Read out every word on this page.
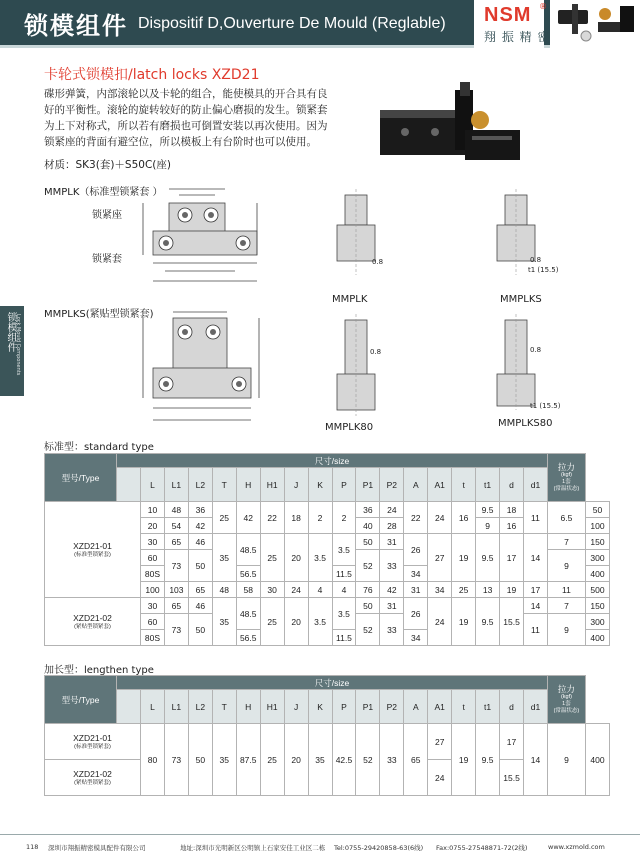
锁模组件 Dispositif D,Ouverture De Mould (Reglable) NSM ®
翔 振 精 密
锁模组件 Lock Mould Components
卡轮式锁模扣/latch locks XZD21
碟形弹簧，内部滚轮以及卡轮的组合，能使模具的开合具有良好的平衡性。滚轮的旋转较好的防止偏心磨损的发生。锁紧套为上下对称式，所以若有磨损也可倒置安装以再次使用。因为锁紧座的背面有避空位，所以模板上有台阶时也可以使用。
材质：SK3(套)＋S50C(座)
MMPLK（标准型锁紧套 ）
锁紧座
锁紧套
MMPLKS(紧贴型锁紧套)
0.8
MMPLK
0.8
t1 (15.5)
MMPLKS
0.8
MMPLK80
0.8
t1 (15.5)
MMPLKS80
标准型：standard type
型号/Type	尺寸/size																		拉力
(kgf)
1套
(常温状态)	

		L	L1	L2	T	H	H1	J	K	P	P1	P2	A	A1	t	t1	d	d1		
XZD21-01
(标准型锁紧套)		10	48	36	25	42	22	18	2	2	36	24	22	24	16	9.5	18	11	6.5	50
		20	54	42							40	28				9	16			100
		30	65	46	35	48.5	25	20	3.5	3.5	50	31	26	27	19	9.5	17	14	7	150
		60	73	50							52	33							9	300
		80S				56.5				11.5			34							400
		100	103	65	48	58	30	24	4	4	76	42	31	34	25	13	19	17	11	500
XZD21-02
(紧贴型锁紧套)		30	65	46	35	48.5	25	20	3.5	3.5	50	31	26	24	19	9.5	15.5	14	7	150
		60	73	50							52	33						11	9	300
		80S				56.5				11.5			34							400
加长型：lengthen type
型号/Type	尺寸/size																		拉力
(kgf)
1套
(常温状态)	

		L	L1	L2	T	H	H1	J	K	P	P1	P2	A	A1	t	t1	d	d1		
XZD21-01
(标准型锁紧套)		80	73	50	35	87.5	25	20	35	42.5	52	33	65	27	19	9.5	17	14	9	400
XZD21-02
(紧贴型锁紧套)														24			15.5			
118 深圳市翔振精密模具配件有限公司	地址:深圳市光明新区公明镇上石家安佳工业区二栋 Tel:0755-29420858-63(6线) Fax:0755-27548871-72(2线)	www.xzmold.com
